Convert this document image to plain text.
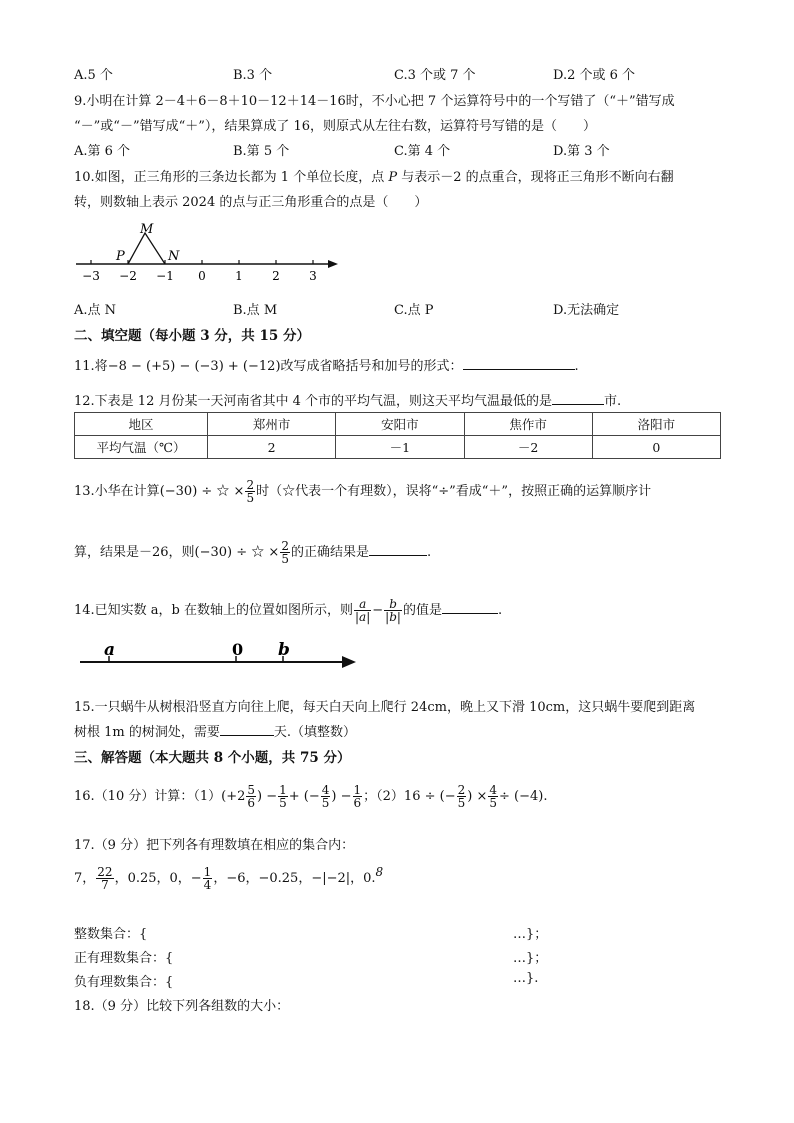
A.5 个	B.3 个	C.3 个或 7 个	D.2 个或 6 个
9.小明在计算 2－4＋6－8＋10－12＋14－16时，不小心把 7 个运算符号中的一个写错了（“＋”错写成
“－”或“－”错写成“＋”），结果算成了 16，则原式从左往右数，运算符号写错的是（　　）
A.第 6 个	B.第 5 个	C.第 4 个	D.第 3 个
10.如图，正三角形的三条边长都为 1 个单位长度，点 P 与表示－2 的点重合，现将正三角形不断向右翻
转，则数轴上表示 2024 的点与正三角形重合的点是（　　）
−3 −2 −1 0 1 2 3
M
P	N
A.点 N	B.点 M	C.点 P	D.无法确定
二、填空题（每小题 3 分，共 15 分）
11.将−8 − (+5) − (−3) + (−12)改写成省略括号和加号的形式：	.
12.下表是 12 月份某一天河南省其中 4 个市的平均气温，则这天平均气温最低的是	市.
地区	郑州市	安阳市	焦作市	洛阳市
平均气温（℃）	2	－1	－2	0
13.小华在计算(−30) ÷ ☆ × $\frac{2}{5}$ 时（☆代表一个有理数），误将“÷”看成“＋”，按照正确的运算顺序计
算，结果是－26，则(−30) ÷ ☆ × $\frac{2}{5}$ 的正确结果是	.
14.已知实数 a，b 在数轴上的位置如图所示，则 $\frac{a}{|a|} - \frac{b}{|b|}$ 的值是	.
a	0 b
15.一只蜗牛从树根沿竖直方向往上爬，每天白天向上爬行 24cm，晚上又下滑 10cm，这只蜗牛要爬到距离
树根 1m 的树洞处，需要	天.（填整数）
三、解答题（本大题共 8 个小题，共 75 分）
16.（10 分）计算：$(1)(+2 \frac{5}{6}$ ) − $\frac{1}{5}$ + (− $\frac{4}{5}$ ) − $\frac{1}{6}$ ；（2）16 ÷ (− $\frac{2}{5}$ ) × $\frac{4}{5} \div (-4)$.
17.（9 分）把下列各有理数填在相应的集合内：
7， $\frac{22}{7}$ ，0.25，0，− $\frac{1}{4}$ ，−6，−0.25，−|−2|，0.8
整数集合：{	…}；
正有理数集合：{	…}；
负有理数集合：{	…}.
18.（9 分）比较下列各组数的大小：
